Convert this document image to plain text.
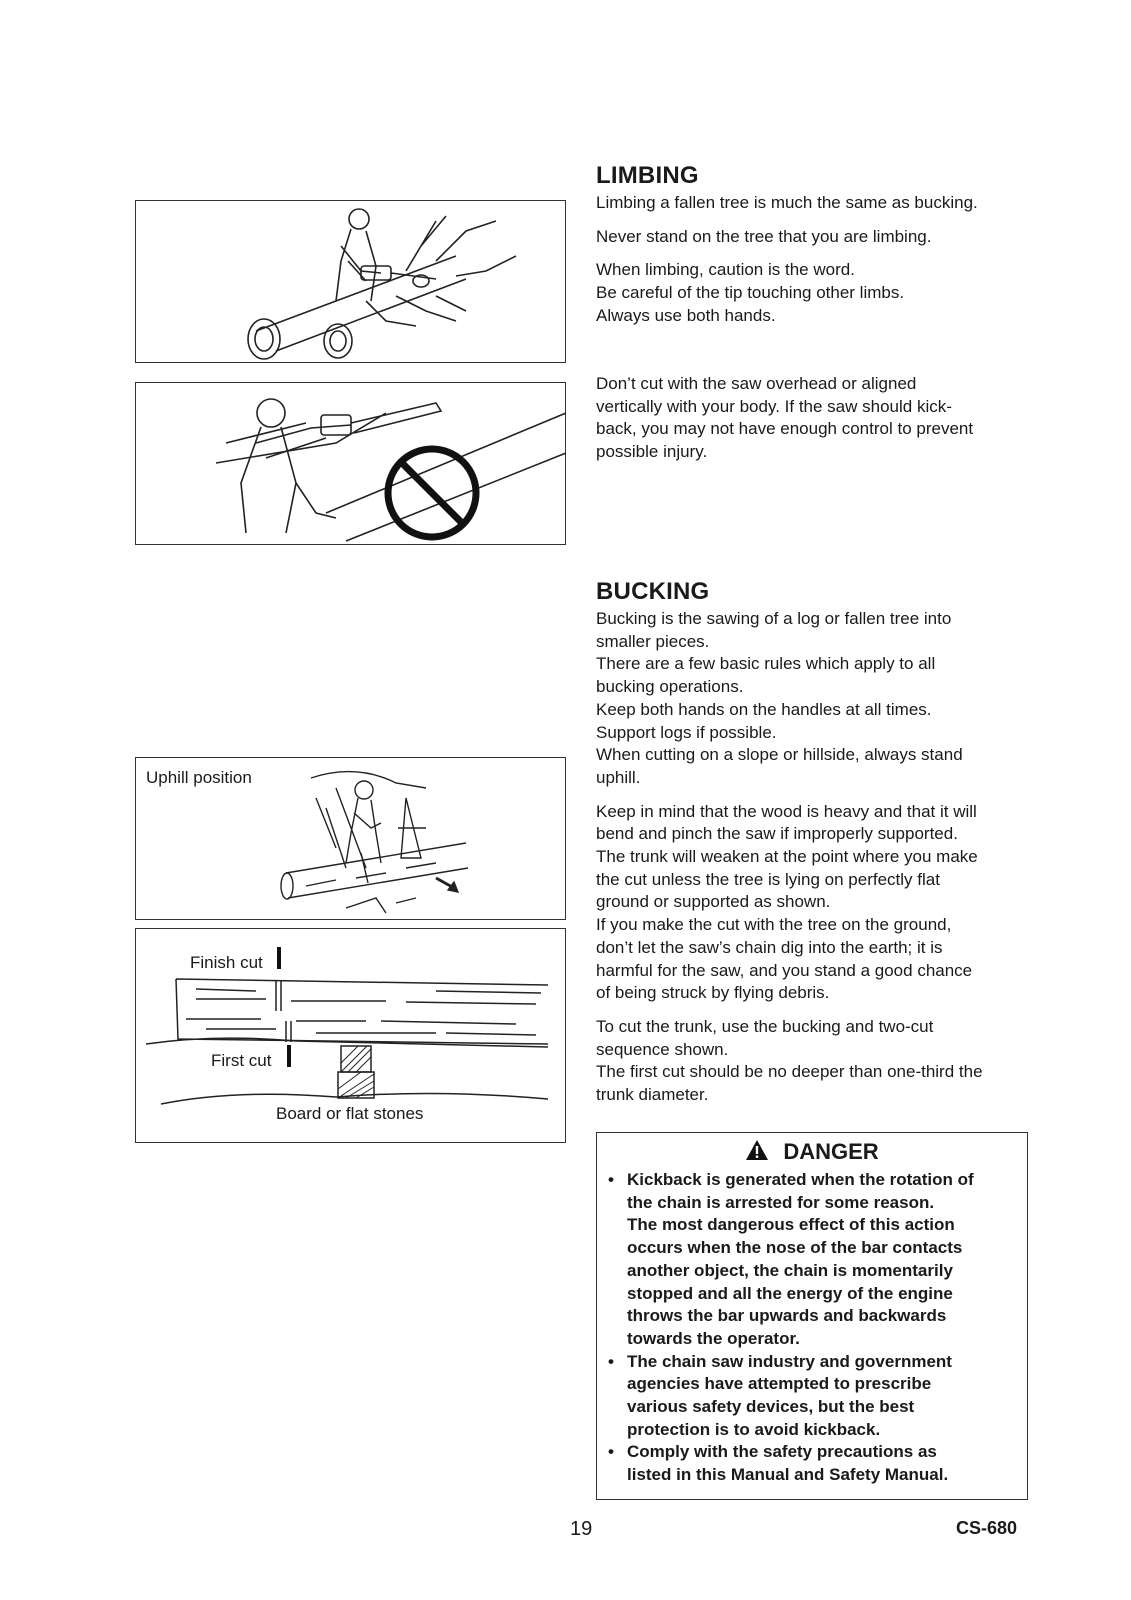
LIMBING

Limbing a fallen tree is much the same as bucking.

Never stand on the tree that you are limbing.

When limbing, caution is the word.
Be careful of the tip touching other limbs.
Always use both hands.

Don’t cut with the saw overhead or aligned
vertically with your body. If the saw should kick-
back, you may not have enough control to prevent
possible injury.

BUCKING

Bucking is the sawing of a log or fallen tree into
smaller pieces.
There are a few basic rules which apply to all
bucking operations.
Keep both hands on the handles at all times.
Support logs if possible.
When cutting on a slope or hillside, always stand
uphill.

Keep in mind that the wood is heavy and that it will
bend and pinch the saw if improperly supported.
The trunk will weaken at the point where you make
the cut unless the tree is lying on perfectly flat
ground or supported as shown.
If you make the cut with the tree on the ground,
don’t let the saw’s chain dig into the earth; it is
harmful for the saw, and you stand a good chance
of being struck by flying debris.

To cut the trunk, use the bucking and two-cut
sequence shown.
The first cut should be no deeper than one-third the
trunk diameter.

Uphill position
Finish cut
First cut
Board or flat stones
DANGER
• Kickback is generated when the rotation of
the chain is arrested for some reason.
The most dangerous effect of this action
occurs when the nose of the bar contacts
another object, the chain is momentarily
stopped and all the energy of the engine
throws the bar upwards and backwards
towards the operator.
• The chain saw industry and government
agencies have attempted to prescribe
various safety devices, but the best
protection is to avoid kickback.
• Comply with the safety precautions as
listed in this Manual and Safety Manual.
19	CS-680
